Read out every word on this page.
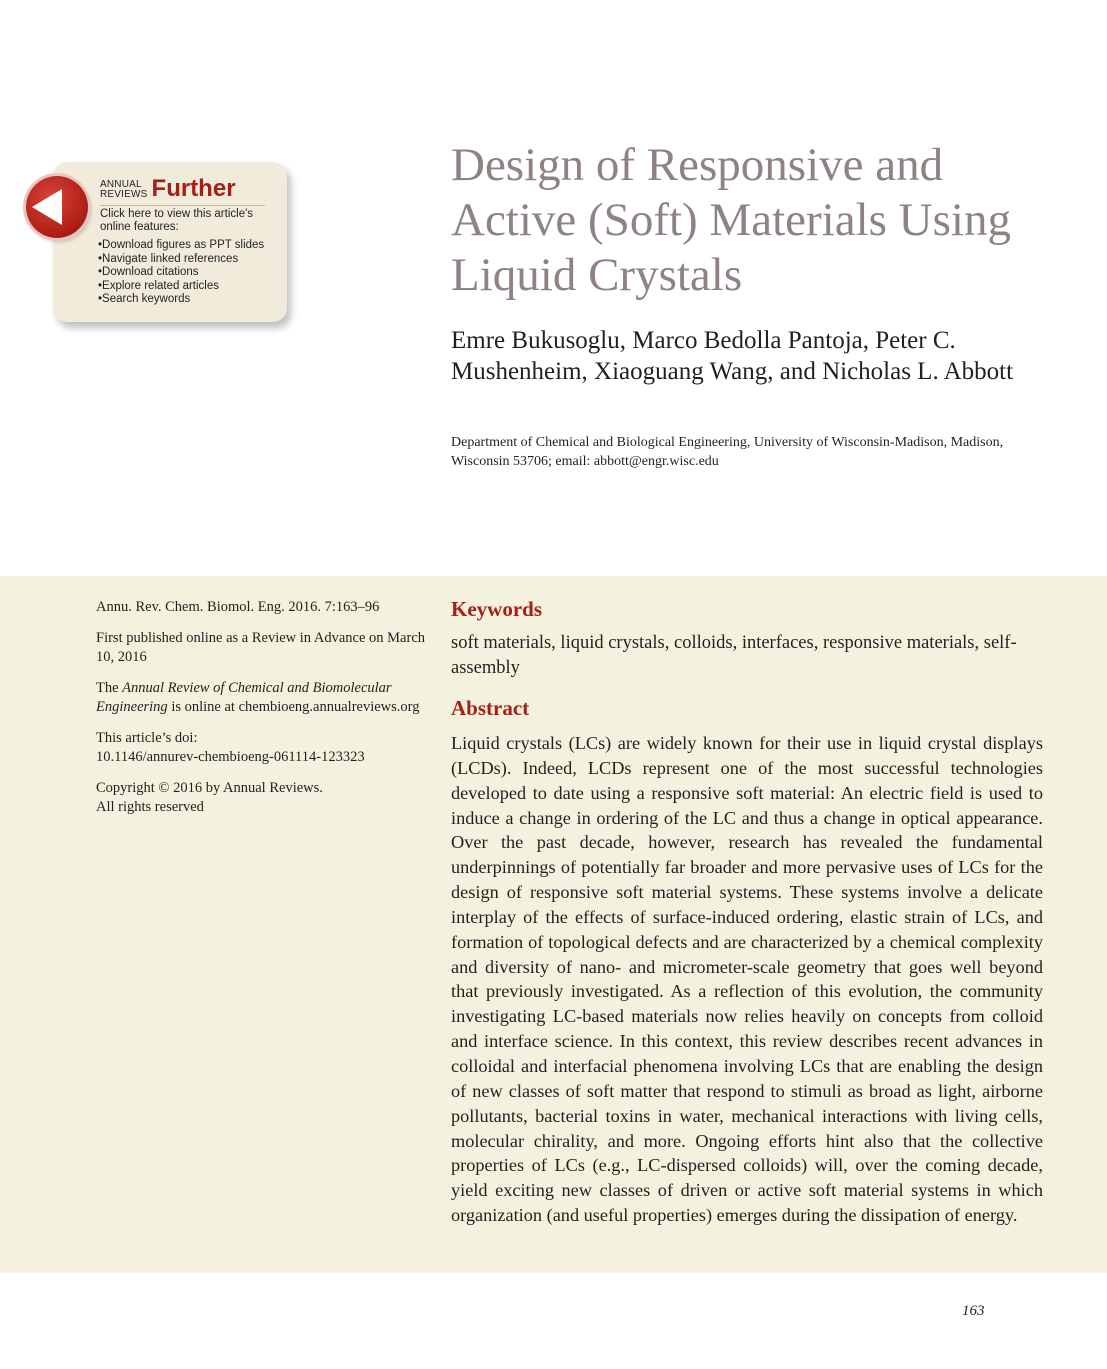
ANNUAL
REVIEWS Further
Click here to view this article's online features:
• Download figures as PPT slides
• Navigate linked references
• Download citations
• Explore related articles
• Search keywords
Design of Responsive and Active (Soft) Materials Using Liquid Crystals

Emre Bukusoglu, Marco Bedolla Pantoja, Peter C. Mushenheim, Xiaoguang Wang, and Nicholas L. Abbott

Department of Chemical and Biological Engineering, University of Wisconsin-Madison, Madison, Wisconsin 53706; email: abbott@engr.wisc.edu

Annu. Rev. Chem. Biomol. Eng. 2016. 7:163–96

First published online as a Review in Advance on March 10, 2016

The Annual Review of Chemical and Biomolecular Engineering is online at chembioeng.annualreviews.org

This article’s doi:
10.1146/annurev-chembioeng-061114-123323

Copyright © 2016 by Annual Reviews.
All rights reserved

Keywords

soft materials, liquid crystals, colloids, interfaces, responsive materials, self-assembly

Abstract

Liquid crystals (LCs) are widely known for their use in liquid crystal displays (LCDs). Indeed, LCDs represent one of the most successful technologies developed to date using a responsive soft material: An electric field is used to induce a change in ordering of the LC and thus a change in optical appearance. Over the past decade, however, research has revealed the fundamental underpinnings of potentially far broader and more pervasive uses of LCs for the design of responsive soft material systems. These systems involve a delicate interplay of the effects of surface-induced ordering, elastic strain of LCs, and formation of topological defects and are characterized by a chemical complexity and diversity of nano- and micrometer-scale geometry that goes well beyond that previously investigated. As a reflection of this evolution, the community investigating LC-based materials now relies heavily on concepts from colloid and interface science. In this context, this review describes recent advances in colloidal and interfacial phenomena involving LCs that are enabling the design of new classes of soft matter that respond to stimuli as broad as light, airborne pollutants, bacterial toxins in water, mechanical interactions with living cells, molecular chirality, and more. Ongoing efforts hint also that the collective properties of LCs (e.g., LC-dispersed colloids) will, over the coming decade, yield exciting new classes of driven or active soft material systems in which organization (and useful properties) emerges during the dissipation of energy.

163
